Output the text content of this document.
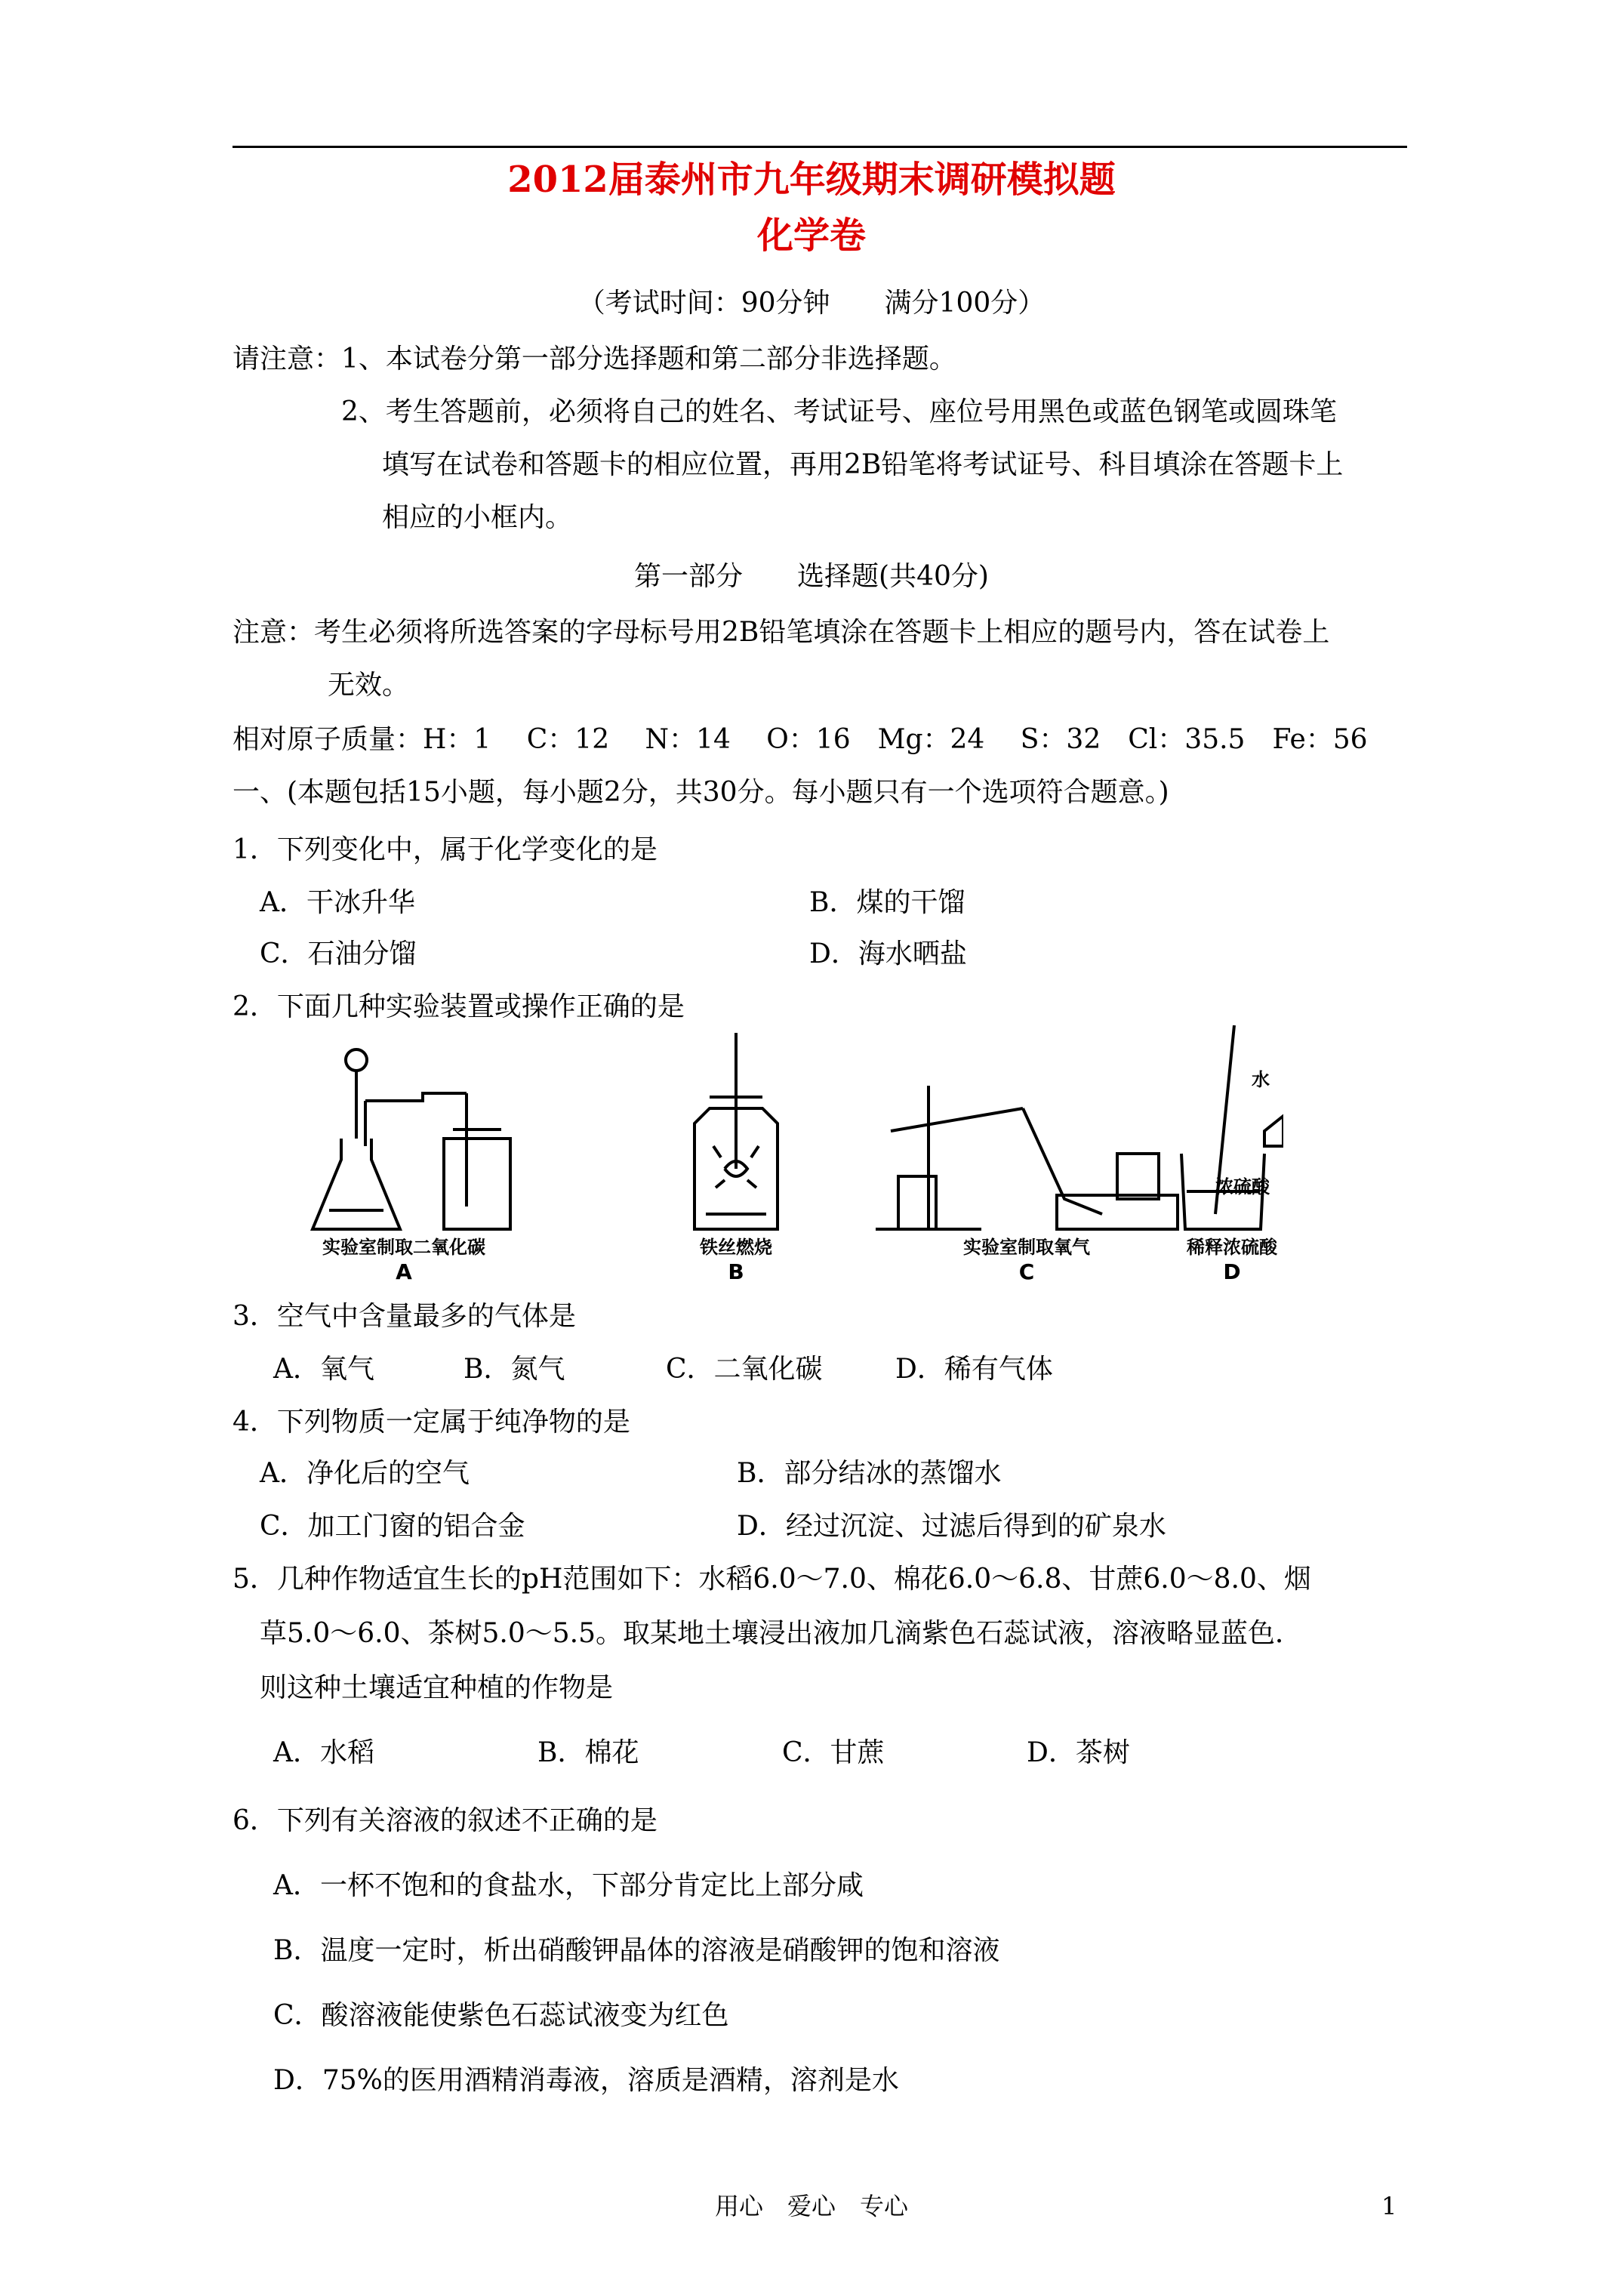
2012届泰州市九年级期末调研模拟题
化学卷
（考试时间：90分钟　　满分100分）
请注意：1、本试卷分第一部分选择题和第二部分非选择题。
2、考生答题前，必须将自己的姓名、考试证号、座位号用黑色或蓝色钢笔或圆珠笔
填写在试卷和答题卡的相应位置，再用2B铅笔将考试证号、科目填涂在答题卡上
相应的小框内。
第一部分　　选择题(共40分)
注意：考生必须将所选答案的字母标号用2B铅笔填涂在答题卡上相应的题号内，答在试卷上
无效。
相对原子质量：H：1　 C：12　 N：14　 O：16　Mg：24　 S：32　Cl：35.5　Fe：56
一、(本题包括15小题，每小题2分，共30分。每小题只有一个选项符合题意。)
1．下列变化中，属于化学变化的是
A．干冰升华	B．煤的干馏
C．石油分馏	D．海水晒盐
2．下面几种实验装置或操作正确的是
实验室制取二氧化碳	铁丝燃烧	实验室制取氧气	稀释浓硫酸
A	B	C	D
水
浓硫酸
3．空气中含量最多的气体是
A．氧气	B．氮气	C．二氧化碳	D．稀有气体
4．下列物质一定属于纯净物的是
A．净化后的空气	B．部分结冰的蒸馏水
C．加工门窗的铝合金	D．经过沉淀、过滤后得到的矿泉水
5．几种作物适宜生长的pH范围如下：水稻6.0～7.0、棉花6.0～6.8、甘蔗6.0～8.0、烟
草5.0～6.0、茶树5.0～5.5。取某地土壤浸出液加几滴紫色石蕊试液，溶液略显蓝色．
则这种土壤适宜种植的作物是
A．水稻	B．棉花	C．甘蔗	D．茶树
6．下列有关溶液的叙述不正确的是
A．一杯不饱和的食盐水，下部分肯定比上部分咸
B．温度一定时，析出硝酸钾晶体的溶液是硝酸钾的饱和溶液
C．酸溶液能使紫色石蕊试液变为红色
D．75%的医用酒精消毒液，溶质是酒精，溶剂是水
用心　爱心　专心	1
